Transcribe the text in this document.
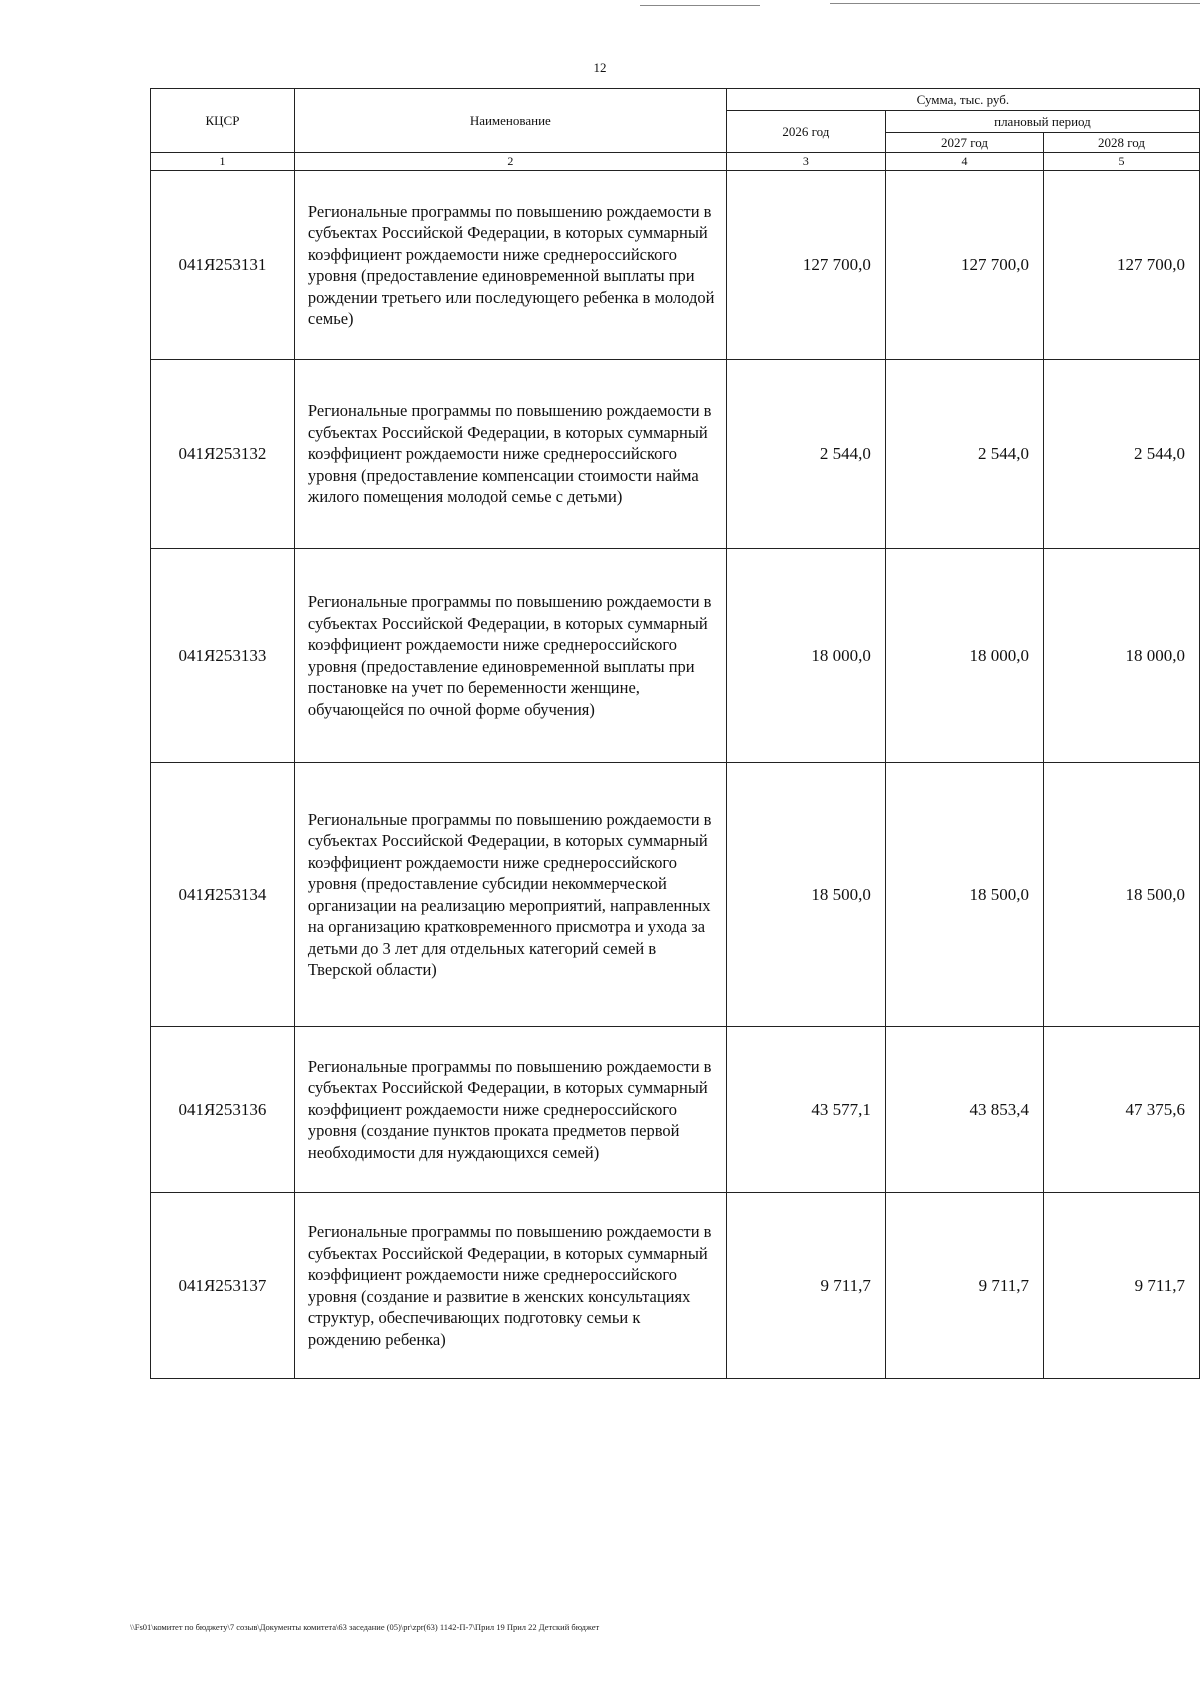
12
КЦСР	Наименование	Сумма, тыс. руб.		
		2026 год	плановый период	
			2027 год	2028 год
1	2	3	4	5
041Я253131	Региональные программы по повышению рождаемости в субъектах Российской Федерации, в которых суммарный коэффициент рождаемости ниже среднероссийского уровня (предоставление единовременной выплаты при рождении третьего или последующего ребенка в молодой семье)	127 700,0	127 700,0	127 700,0
041Я253132	Региональные программы по повышению рождаемости в субъектах Российской Федерации, в которых суммарный коэффициент рождаемости ниже среднероссийского уровня (предоставление компенсации стоимости найма жилого помещения молодой семье с детьми)	2 544,0	2 544,0	2 544,0
041Я253133	Региональные программы по повышению рождаемости в субъектах Российской Федерации, в которых суммарный коэффициент рождаемости ниже среднероссийского уровня (предоставление единовременной выплаты при постановке на учет по беременности женщине, обучающейся по очной форме обучения)	18 000,0	18 000,0	18 000,0
041Я253134	Региональные программы по повышению рождаемости в субъектах Российской Федерации, в которых суммарный коэффициент рождаемости ниже среднероссийского уровня (предоставление субсидии некоммерческой организации на реализацию мероприятий, направленных на организацию кратковременного присмотра и ухода за детьми до 3 лет для отдельных категорий семей в Тверской области)	18 500,0	18 500,0	18 500,0
041Я253136	Региональные программы по повышению рождаемости в субъектах Российской Федерации, в которых суммарный коэффициент рождаемости ниже среднероссийского уровня (создание пунктов проката предметов первой необходимости для нуждающихся семей)	43 577,1	43 853,4	47 375,6
041Я253137	Региональные программы по повышению рождаемости в субъектах Российской Федерации, в которых суммарный коэффициент рождаемости ниже среднероссийского уровня (создание и развитие в женских консультациях структур, обеспечивающих подготовку семьи к рождению ребенка)	9 711,7	9 711,7	9 711,7
\\Fs01\комитет по бюджету\7 созыв\Документы комитета\63 заседание (05)\pr\zpr(63) 1142-П-7\Прил 19 Прил 22 Детский бюджет
